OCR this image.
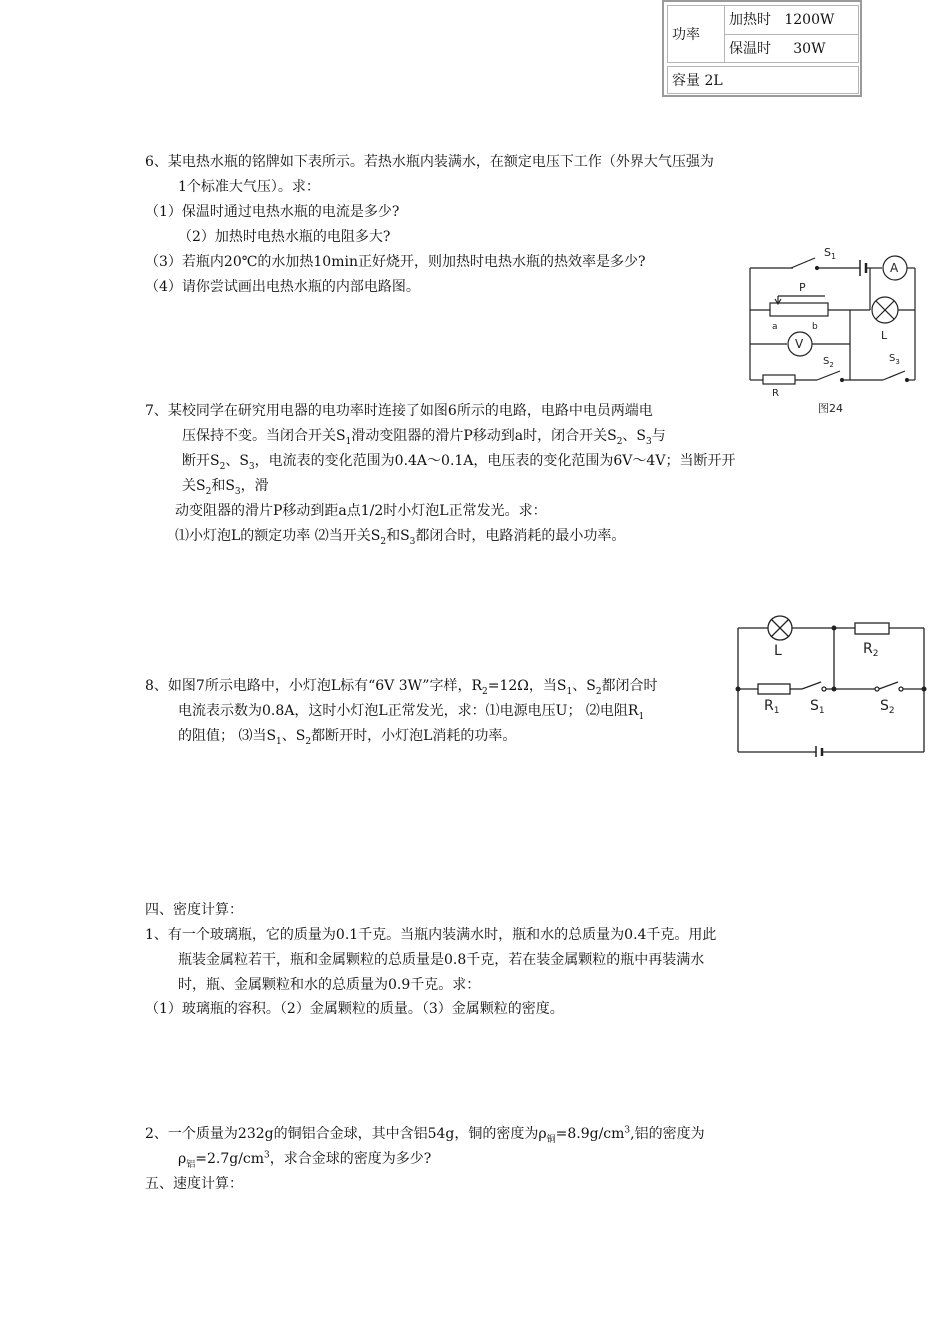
功率
加热时 1200W
保温时 30W
容量 2L
6、某电热水瓶的铭牌如下表所示。若热水瓶内装满水，在额定电压下工作（外界大气压强为
1个标准大气压）。求：
（1）保温时通过电热水瓶的电流是多少?
（2）加热时电热水瓶的电阻多大?
（3）若瓶内20℃的水加热10min正好烧开，则加热时电热水瓶的热效率是多少?
（4）请你尝试画出电热水瓶的内部电路图。
$S_1$
A
P
a	b
L
V
$S_2$
$S_3$
R
图24
7、某校同学在研究用电器的电功率时连接了如图6所示的电路，电路中电员两端电
压保持不变。当闭合开关$S_1$滑动变阻器的滑片P移动到a时，闭合开关$S_2$、$S_3$与
断开$S_2$、$S_3$，电流表的变化范围为0.4A～0.1A，电压表的变化范围为6V～4V；当断开开
关$S_2$和$S_3$，滑
动变阻器的滑片P移动到距a点1/2时小灯泡L正常发光。求：
⑴小灯泡L的额定功率 ⑵当开关$S_2$和$S_3$都闭合时，电路消耗的最小功率。
L	$R_2$
$R_1$ $S_1$	$S_2$
8、如图7所示电路中，小灯泡L标有“6V 3W”字样，$R_2=12\Omega$，当$S_1$、$S_2$都闭合时
电流表示数为0.8A，这时小灯泡L正常发光，求：⑴电源电压U； ⑵电阻$R_1$
的阻值； ⑶当$S_1$、$S_2$都断开时，小灯泡L消耗的功率。
四、密度计算：
1、有一个玻璃瓶，它的质量为0.1千克。当瓶内装满水时，瓶和水的总质量为0.4千克。用此
瓶装金属粒若干，瓶和金属颗粒的总质量是0.8千克，若在装金属颗粒的瓶中再装满水
时，瓶、金属颗粒和水的总质量为0.9千克。求：
（1）玻璃瓶的容积。（2）金属颗粒的质量。（3）金属颗粒的密度。
2、一个质量为232g的铜铝合金球，其中含铝54g，铜的密度为$\rho_铜=8.9g/cm^3$,铝的密度为
$\rho_铝=2.7g/cm^3$，求合金球的密度为多少?
五、速度计算：
